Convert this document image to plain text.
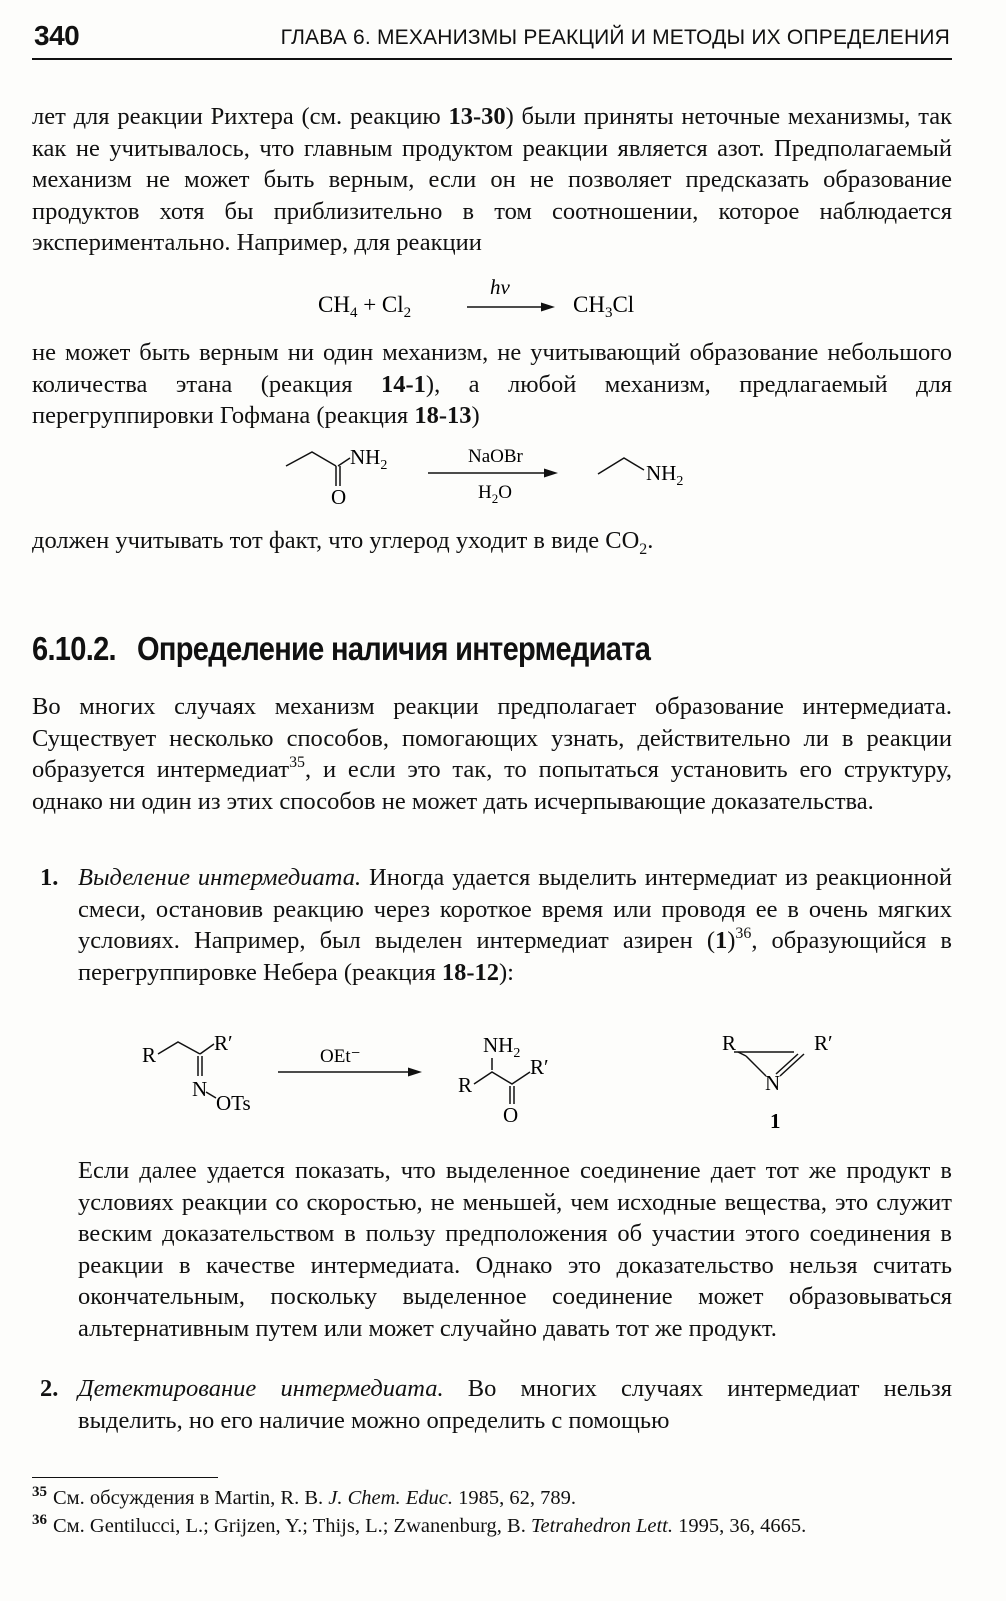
340	ГЛАВА 6. МЕХАНИЗМЫ РЕАКЦИЙ И МЕТОДЫ ИХ ОПРЕДЕЛЕНИЯ

лет для реакции Рихтера (см. реакцию 13-30) были приняты неточные механизмы, так как не учитывалось, что главным продуктом реакции является азот. Предполагаемый механизм не может быть верным, если он не позволяет предсказать образование продуктов хотя бы приблизительно в том соотношении, которое наблюдается экспериментально. Например, для реакции

$CH_4 + Cl_2$
hν
$CH_3Cl$

не может быть верным ни один механизм, не учитывающий образование небольшого количества этана (реакция 14-1), а любой механизм, предлагаемый для перегруппировки Гофмана (реакция 18-13)

$NH_2$
O
NaOBr
$H_2O$
$NH_2$

должен учитывать тот факт, что углерод уходит в виде $CO_2$.

6.10.2. Определение наличия интермедиата

Во многих случаях механизм реакции предполагает образование интермедиата. Существует несколько способов, помогающих узнать, действительно ли в реакции образуется интермедиат$^{35}$, и если это так, то попытаться установить его структуру, однако ни один из этих способов не может дать исчерпывающие доказательства.

1. Выделение интермедиата. Иногда удается выделить интермедиат из реакционной смеси, остановив реакцию через короткое время или проводя ее в очень мягких условиях. Например, был выделен интермедиат азирен $(1)^{36}$, образующийся в перегруппировке Небера (реакция 18-12):

R	R′
N
OTs
OEt⁻	$NH_2$
R
R′
O
R	R′
N
1

Если далее удается показать, что выделенное соединение дает тот же продукт в условиях реакции со скоростью, не меньшей, чем исходные вещества, это служит веским доказательством в пользу предположения об участии этого соединения в реакции в качестве интермедиата. Однако это доказательство нельзя считать окончательным, поскольку выделенное соединение может образовываться альтернативным путем или может случайно давать тот же продукт.

2. Детектирование интермедиата. Во многих случаях интермедиат нельзя выделить, но его наличие можно определить с помощью

$^{35}$ См. обсуждения в Martin, R. B. J. Chem. Educ. 1985, 62, 789.

$^{36}$ См. Gentilucci, L.; Grijzen, Y.; Thijs, L.; Zwanenburg, B. Tetrahedron Lett. 1995, 36, 4665.
